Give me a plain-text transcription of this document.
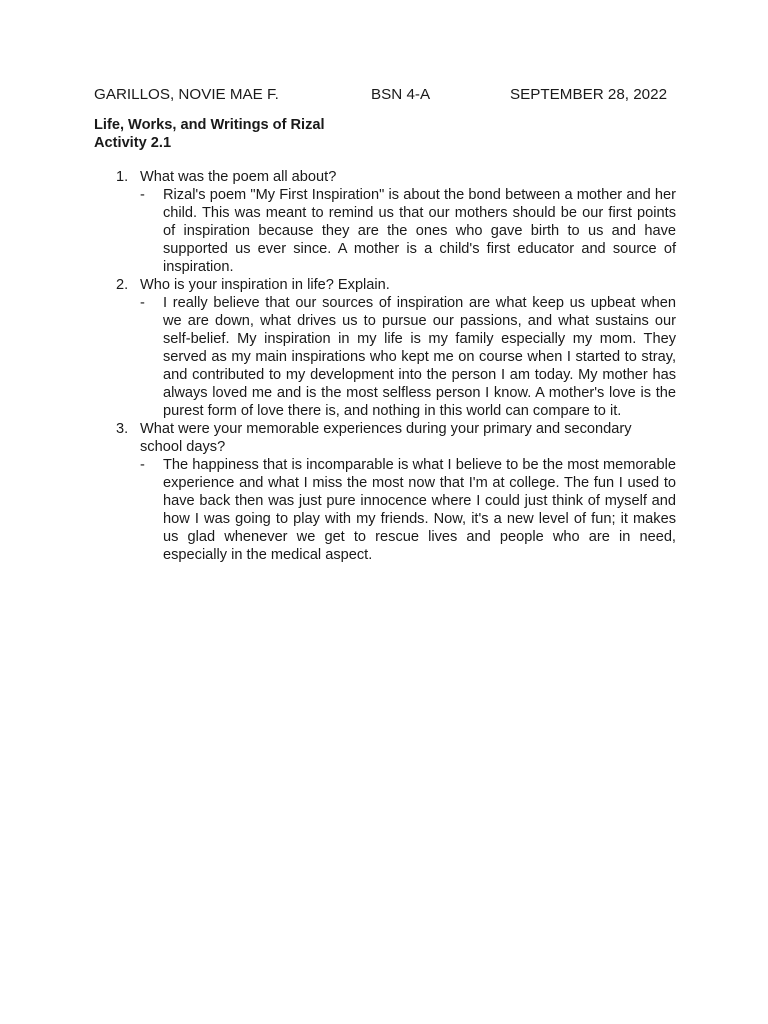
GARILLOS, NOVIE MAE F.	BSN 4-A	SEPTEMBER 28, 2022
Life, Works, and Writings of Rizal
Activity 2.1
1. What was the poem all about?
- Rizal's poem "My First Inspiration" is about the bond between a mother and her child. This was meant to remind us that our mothers should be our first points of inspiration because they are the ones who gave birth to us and have supported us ever since. A mother is a child's first educator and source of inspiration.
2. Who is your inspiration in life? Explain.
- I really believe that our sources of inspiration are what keep us upbeat when we are down, what drives us to pursue our passions, and what sustains our self-belief. My inspiration in my life is my family especially my mom. They served as my main inspirations who kept me on course when I started to stray, and contributed to my development into the person I am today. My mother has always loved me and is the most selfless person I know. A mother's love is the purest form of love there is, and nothing in this world can compare to it.
3. What were your memorable experiences during your primary and secondary school days?
- The happiness that is incomparable is what I believe to be the most memorable experience and what I miss the most now that I'm at college. The fun I used to have back then was just pure innocence where I could just think of myself and how I was going to play with my friends. Now, it's a new level of fun; it makes us glad whenever we get to rescue lives and people who are in need, especially in the medical aspect.
